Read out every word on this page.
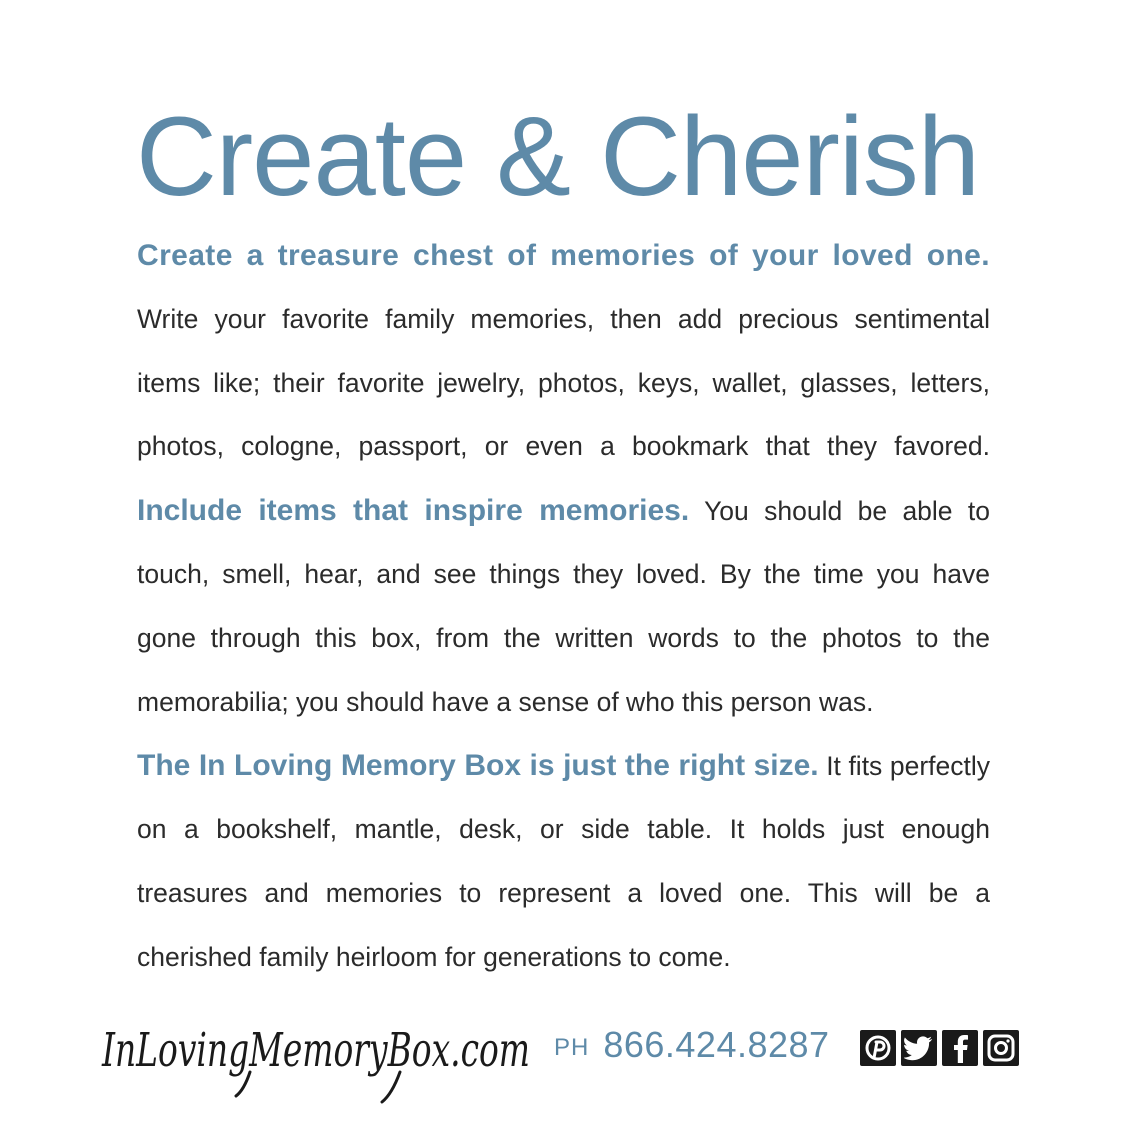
Create & Cherish
Create a treasure chest of memories of your loved one.
Write your favorite family memories, then add precious sentimental
items like; their favorite jewelry, photos, keys, wallet, glasses, letters,
photos, cologne, passport, or even a bookmark that they favored.
Include items that inspire memories. You should be able to
touch, smell, hear, and see things they loved. By the time you have
gone through this box, from the written words to the photos to the
memorabilia; you should have a sense of who this person was.
The In Loving Memory Box is just the right size. It fits perfectly
on a bookshelf, mantle, desk, or side table. It holds just enough
treasures and memories to represent a loved one. This will be a
cherished family heirloom for generations to come.
InLovingMemoryBox.com PH 866.424.8287
